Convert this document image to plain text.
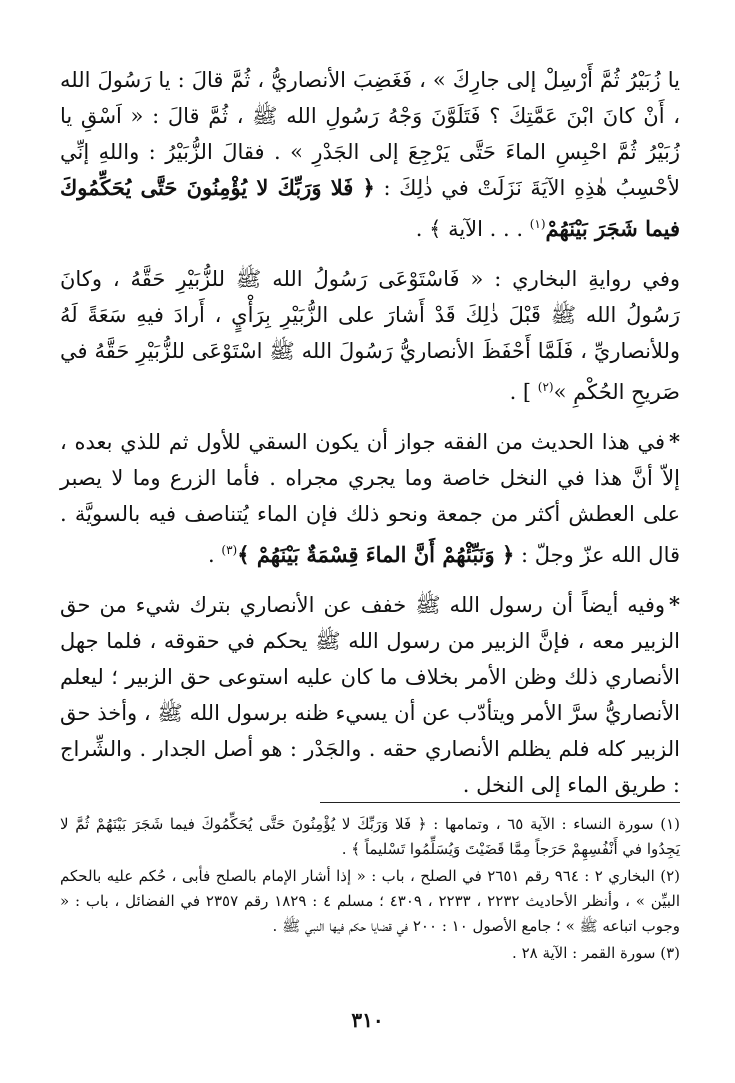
يا زُبَيْرُ ثُمَّ أَرْسِلْ إلى جارِكَ » ، فَغَضِبَ الأنصاريُّ ، ثُمَّ قالَ : يا رَسُولَ الله ، أَنْ كانَ ابْنَ عَمَّتِكَ ؟ فَتَلَوَّنَ وَجْهُ رَسُولِ الله ﷺ ، ثُمَّ قالَ : « اَسْقِ يا زُبَيْرُ ثُمَّ احْبِسِ الماءَ حَتَّى يَرْجِعَ إلى الجَدْرِ » . فقالَ الزُّبَيْرُ : واللهِ إنِّي لأحْسِبُ هٰذِهِ الآيَةَ نَزَلَتْ في ذٰلِكَ : ﴿ فَلا وَرَبِّكَ لا يُؤْمِنُونَ حَتَّى يُحَكِّمُوكَ فيما شَجَرَ بَيْنَهُمْ$^{(١)}$ . . . الآية ﴾ .

وفي روايةِ البخاري : « فَاسْتَوْعَى رَسُولُ الله ﷺ للزُّبَيْرِ حَقَّهُ ، وكانَ رَسُولُ الله ﷺ قَبْلَ ذٰلِكَ قَدْ أَشارَ على الزُّبَيْرِ بِرَأْيٍ ، أَرادَ فيهِ سَعَةً لَهُ وللأنصاريِّ ، فَلَمَّا أَحْفَظَ الأنصاريُّ رَسُولَ الله ﷺ اسْتَوْعَى للزُّبَيْرِ حَقَّهُ في صَريحِ الحُكْمِ »$^{(٢)}$ ] .

*في هذا الحديث من الفقه جواز أن يكون السقي للأول ثم للذي بعده ، إلاّ أنَّ هذا في النخل خاصة وما يجري مجراه . فأما الزرع وما لا يصبر على العطش أكثر من جمعة ونحو ذلك فإن الماء يُتناصف فيه بالسويَّة . قال الله عزّ وجلّ : ﴿ وَنَبِّئْهُمْ أَنَّ الماءَ قِسْمَةٌ بَيْنَهُمْ ﴾$^{(٣)}$ .

*وفيه أيضاً أن رسول الله ﷺ خفف عن الأنصاري بترك شيء من حق الزبير معه ، فإنَّ الزبير من رسول الله ﷺ يحكم في حقوقه ، فلما جهل الأنصاري ذلك وظن الأمر بخلاف ما كان عليه استوعى حق الزبير ؛ ليعلم الأنصاريُّ سرَّ الأمر ويتأدّب عن أن يسيء ظنه برسول الله ﷺ ، وأخذ حق الزبير كله فلم يظلم الأنصاري حقه . والجَدْر : هو أصل الجدار . والشِّراج : طريق الماء إلى النخل .

(١) سورة النساء : الآية ٦٥ ، وتمامها : ﴿ فَلا وَرَبِّكَ لا يُؤْمِنُونَ حَتَّى يُحَكِّمُوكَ فيما شَجَرَ بَيْنَهُمْ ثُمَّ لا يَجِدُوا في أَنْفُسِهِمْ حَرَجاً مِمَّا قَضَيْتَ وَيُسَلِّمُوا تَسْليماً ﴾ .
(٢) البخاري ٢ : ٩٦٤ رقم ٢٦٥١ في الصلح ، باب : « إذا أشار الإمام بالصلح فأبى ، حُكم عليه بالحكم البيِّن » ، وأنظر الأحاديث ٢٢٣٢ ، ٢٢٣٣ ، ٤٣٠٩ ؛ مسلم ٤ : ١٨٢٩ رقم ٢٣٥٧ في الفضائل ، باب : « وجوب اتباعه ﷺ » ؛ جامع الأصول ١٠ : ٢٠٠ في قضايا حكم فيها النبي ﷺ .
(٣) سورة القمر : الآية ٢٨ .
٣١٠
